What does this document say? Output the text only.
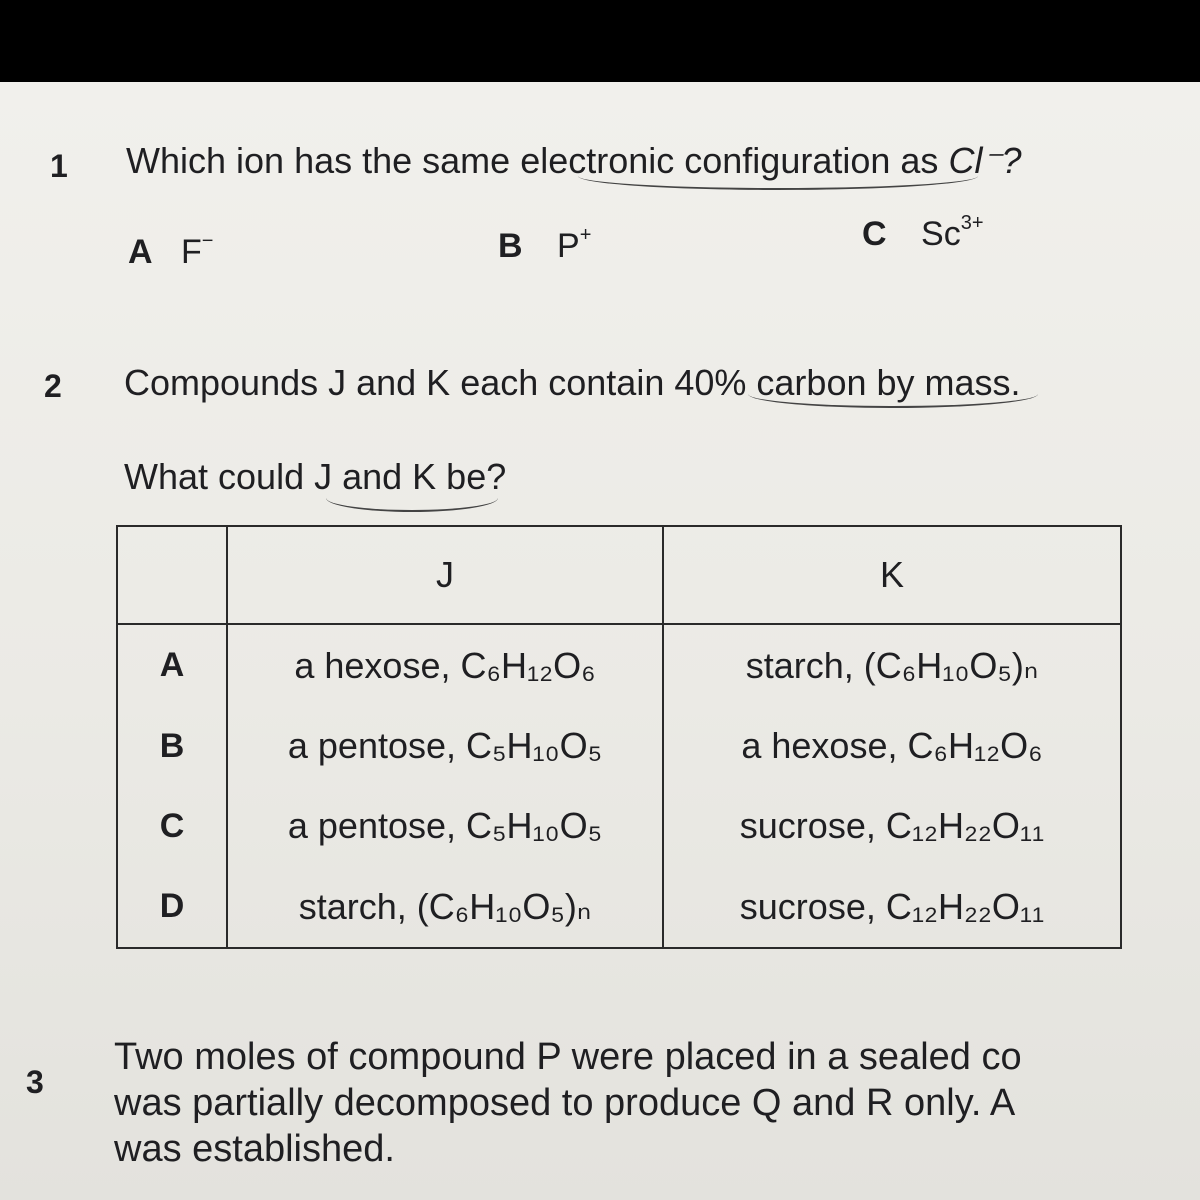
1 Which ion has the same electronic configuration as Cl⁻?
A F−	B P+	C $Sc^{3+}$
2 Compounds J and K each contain 40% carbon by mass.
What could J and K be?
	J	K
A	a hexose, C₆H₁₂O₆	starch, (C₆H₁₀O₅)ₙ
B	a pentose, C₅H₁₀O₅	a hexose, C₆H₁₂O₆
C	a pentose, C₅H₁₀O₅	sucrose, C₁₂H₂₂O₁₁
D	starch, (C₆H₁₀O₅)ₙ	sucrose, C₁₂H₂₂O₁₁
3
Two moles of compound P were placed in a sealed co
was partially decomposed to produce Q and R only. A
was established.
